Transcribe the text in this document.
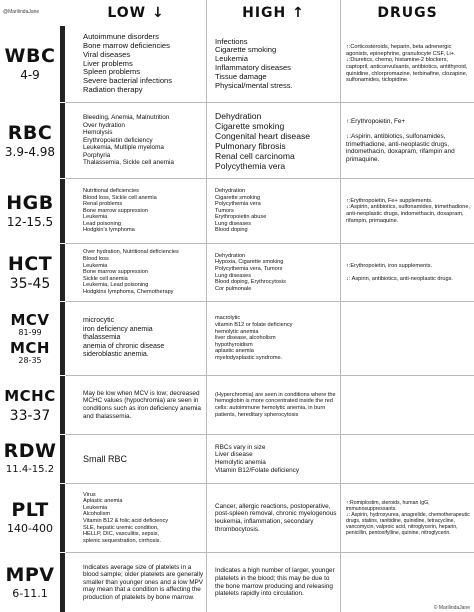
@MarilindaJane	LOW ↓	HIGH ↑	DRUGS
WBC
4-9

Autoimmune disorders
Bone marrow deficiencies
Viral diseases
Liver problems
Spleen problems
Severe bacterial infections
Radiation therapy

Infections
Cigarette smoking
Leukemia
Inflammatory diseases
Tissue damage
Physical/mental stress.

↑:Corticosteroids, heparin, beta adrenergic agonists, epinephrine, granulocyte CSF, Li+.
↓:Diuretics, chemo, histamine-2 blockers, captopril, anticonvulsants, antibiotics, antithyroid, quinidine, chlorpromazine, terbinafine, clozapine, sulfonamides, ticlopidine.

RBC
3.9-4.98

Bleeding, Anemia, Malnutrition
Over hydration
Hemolysis
Erythropoietin deficiency
Leukemia, Multiple myeloma
Porphyria
Thalassemia, Sickle cell anemia

Dehydration
Cigarette smoking
Congenital heart disease
Pulmonary fibrosis
Renal cell carcinoma
Polycythemia vera

↑:Erythropoietin, Fe+

↓:Aspirin, antibiotics, sulfonamides, trimethadione, anti-neoplastic drugs, indomethacin, doxapram, rifampin and primaquine.

HGB
12-15.5

Nutritional deficiencies
Blood loss, Sickle cell anemia
Renal problems
Bone marrow suppression
Leukemia
Lead poisoning
Hodgkin's lymphoma

Dehydration
Cigarette smoking
Polycythemia vera
Tumors
Erythropoietin abuse
Lung diseases
Blood doping

↑:Erythropoietin, Fe+ supplements.
↓:Aspirin, antibiotics, sulfonamides, trimethadione, anti-neoplastic drugs, indomethacin, doxapram, rifampin, primaquine.

HCT
35-45

Over hydration, Nutritional deficiencies
Blood loss
Leukemia
Bone marrow suppression
Sickle cell anemia
Leukemia, Lead poisoning
Hodgkins lymphoma, Chemotherapy

Dehydration
Hypoxia, Cigarette smoking
Polycythemia vera, Tumors
Lung diseases
Blood doping, Erythrocytosis
Cor pulmonale

↑:Erythropoietin, iron supplements.

↓: Aspirin, antibiotics, anti-neoplastic drugs.

MCV
81-99
MCH
28-35

microcytic
iron deficiency anemia
thalassemia
anemia of chronic disease
sideroblastic anemia.

macrolytic
vitamin B12 or folate deficiency
hemolytic anemia
liver disease, alcoholism
hypothyroidism
aplastic anemia
myelodysplastic syndrome.

MCHC
33-37

May be low when MCV is low; decreased MCHC values (hypochromia) are seen in conditions such as iron deficiency anemia and thalassemia.

(Hyperchromia) are seen in conditions where the hemoglobin is more concentrated inside the red cells: autoimmune hemolytic anemia, in burn patients, hereditary spherocytosis

RDW
11.4-15.2

Small RBC

RBCs vary in size
Liver disease
Hemolytic anemia
Vitamin B12/Folate deficiency

PLT
140-400

Virus
Aplastic anemia
Leukemia
Alcoholism
Vitamin B12 & folic acid deficiency
SLE, hepatic uremic condition,
HELLP, DIC, vasculitis, sepsis,
splenic sequestration, cirrhosis.

Cancer, allergic reactions, postoperative, post-spleen removal, chronic myelogenous leukemia, inflammation, secondary thrombocytosis.

↑:Romiplostim, steroids, human IgG, immunosuppressants.
↓: Aspirin, hydroxyurea, anagrelide, chemotherapeutic drugs, statins, ranitidine, quinidine, tetracycline, vancomycin, valproic acid, nitroglycerin, heparin, penicillin, pentoxifylline, quinine, nitroglycerin.

MPV
6-11.1

Indicates average size of platelets in a blood sample; older platelets are generally smaller than younger ones and a low MPV may mean that a condition is affecting the production of platelets by bone marrow.

Indicates a high number of larger, younger platelets in the blood; this may be due to the bone marrow producing and releasing platelets rapidly into circulation.

© MarilindaJane
